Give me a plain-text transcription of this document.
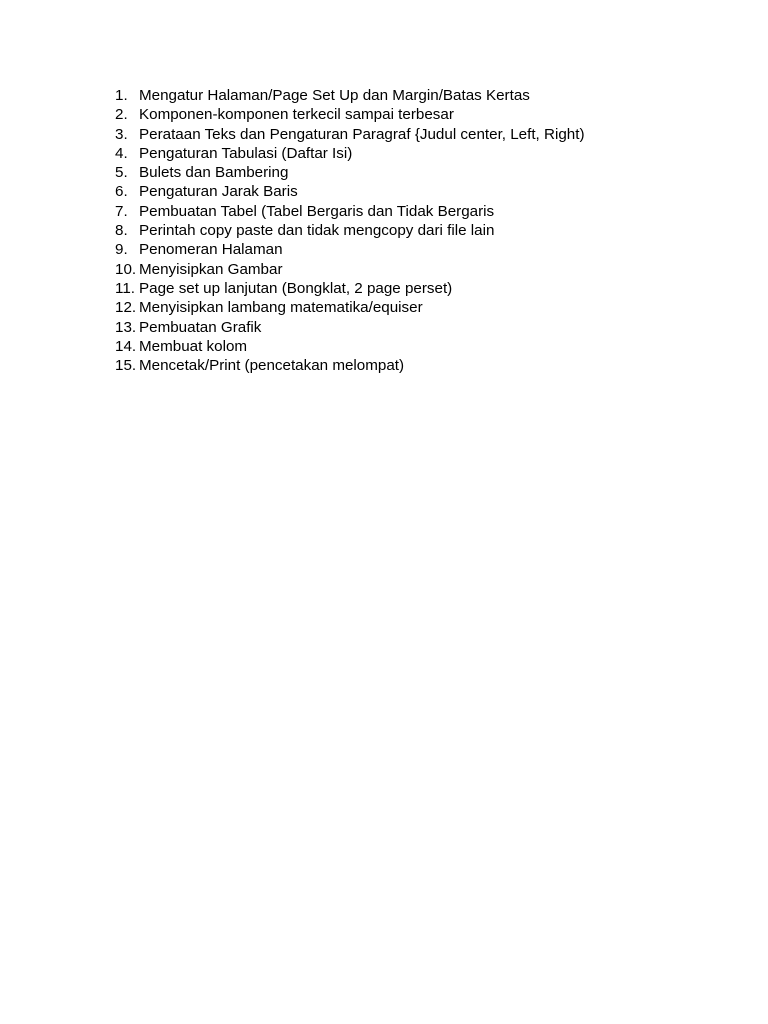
1. Mengatur Halaman/Page Set Up dan Margin/Batas Kertas
2. Komponen-komponen terkecil sampai terbesar
3. Perataan Teks dan Pengaturan Paragraf {Judul center, Left, Right)
4. Pengaturan Tabulasi (Daftar Isi)
5. Bulets dan Bambering
6. Pengaturan Jarak Baris
7. Pembuatan Tabel (Tabel Bergaris dan Tidak Bergaris
8. Perintah copy paste dan tidak mengcopy dari file lain
9. Penomeran Halaman
10. Menyisipkan Gambar
11. Page set up lanjutan (Bongklat, 2 page perset)
12. Menyisipkan lambang matematika/equiser
13. Pembuatan Grafik
14. Membuat kolom
15. Mencetak/Print (pencetakan melompat)
